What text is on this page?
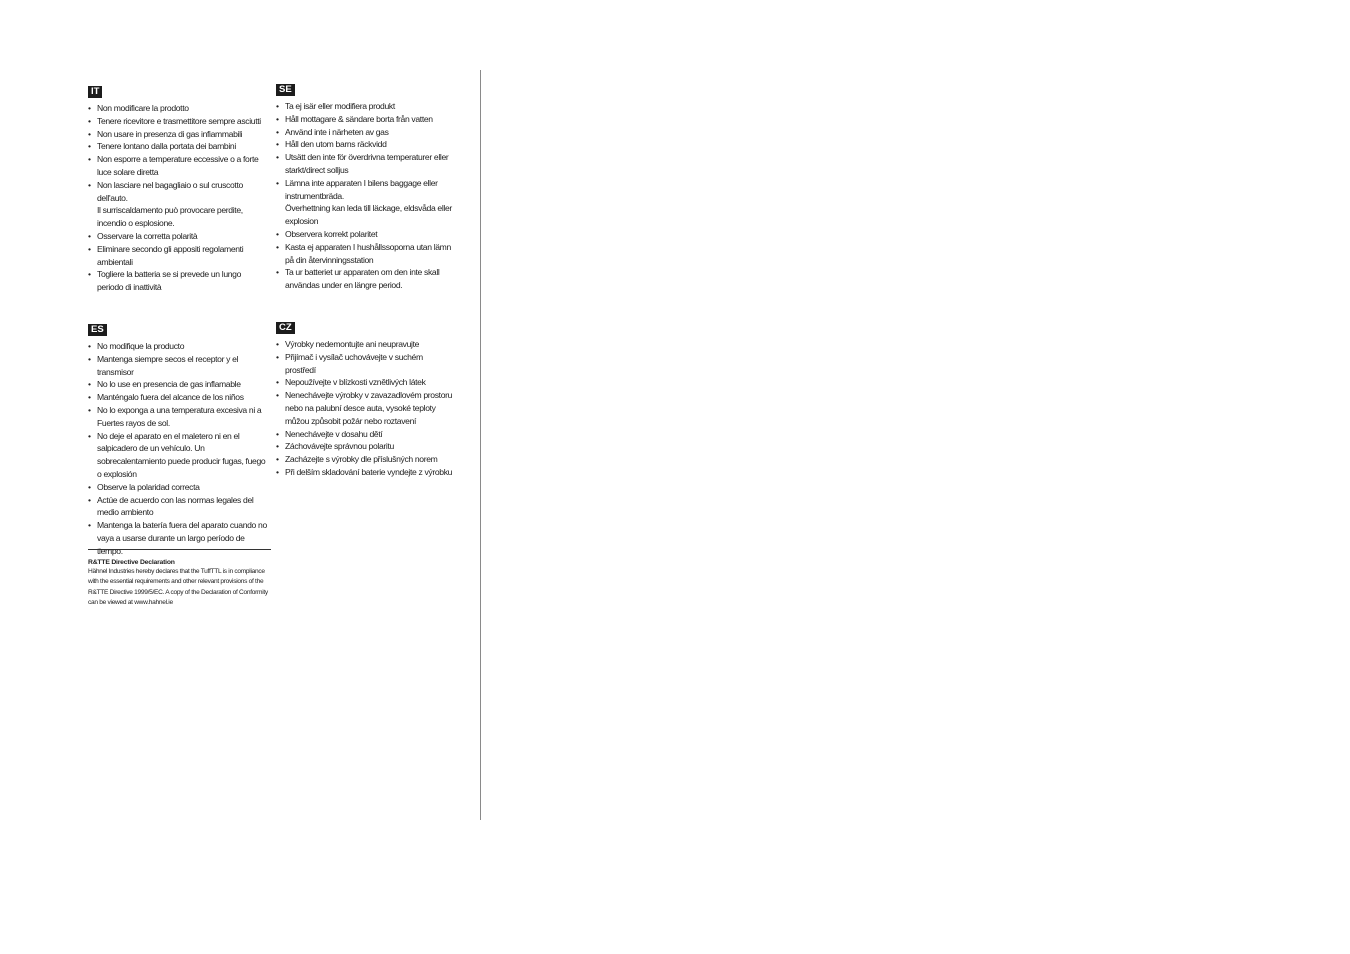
IT
• Non modificare la prodotto
• Tenere ricevitore e trasmettitore sempre asciutti
• Non usare in presenza di gas infiammabili
• Tenere lontano dalla portata dei bambini
• Non esporre a temperature eccessive o a forte luce solare diretta
• Non lasciare nel bagagliaio o sul cruscotto dell'auto.
Il surriscaldamento può provocare perdite, incendio o esplosione.
• Osservare la corretta polarità
• Eliminare secondo gli appositi regolamenti ambientali
• Togliere la batteria se si prevede un lungo periodo di inattività
SE
• Ta ej isär eller modifiera produkt
• Håll mottagare & sändare borta från vatten
• Använd inte i närheten av gas
• Håll den utom barns räckvidd
• Utsätt den inte för överdrivna temperaturer eller starkt/direct solljus
• Lämna inte apparaten I bilens baggage eller instrumentbräda.
Överhettning kan leda till läckage, eldsvåda eller explosion
• Observera korrekt polaritet
• Kasta ej apparaten I hushållssoporna utan lämn på din återvinningsstation
• Ta ur batteriet ur apparaten om den inte skall användas under en längre period.
ES
• No modifique la producto
• Mantenga siempre secos el receptor y el transmisor
• No lo use en presencia de gas inflamable
• Manténgalo fuera del alcance de los niños
• No lo exponga a una temperatura excesiva ni a Fuertes rayos de sol.
• No deje el aparato en el maletero ni en el salpicadero de un vehículo. Un sobrecalentamiento puede producir fugas, fuego o explosión
• Observe la polaridad correcta
• Actúe de acuerdo con las normas legales del medio ambiento
• Mantenga la batería fuera del aparato cuando no vaya a usarse durante un largo período de tiempo.
CZ
• Výrobky nedemontujte ani neupravujte
• Přijímač i vysílač uchovávejte v suchém prostředí
• Nepoužívejte v blízkosti vznětlivých látek
• Nenechávejte výrobky v zavazadlovém prostoru nebo na palubní desce auta, vysoké teploty můžou způsobit požár nebo roztavení
• Nenechávejte v dosahu dětí
• Záchovávejte správnou polaritu
• Zacházejte s výrobky dle příslušných norem
• Při delším skladování baterie vyndejte z výrobku
R&TTE Directive Declaration
Hähnel Industries hereby declares that the TuffTTL is in compliance with the essential requirements and other relevant provisions of the R&TTE Directive 1999/5/EC. A copy of the Declaration of Conformity can be viewed at www.hahnel.ie
